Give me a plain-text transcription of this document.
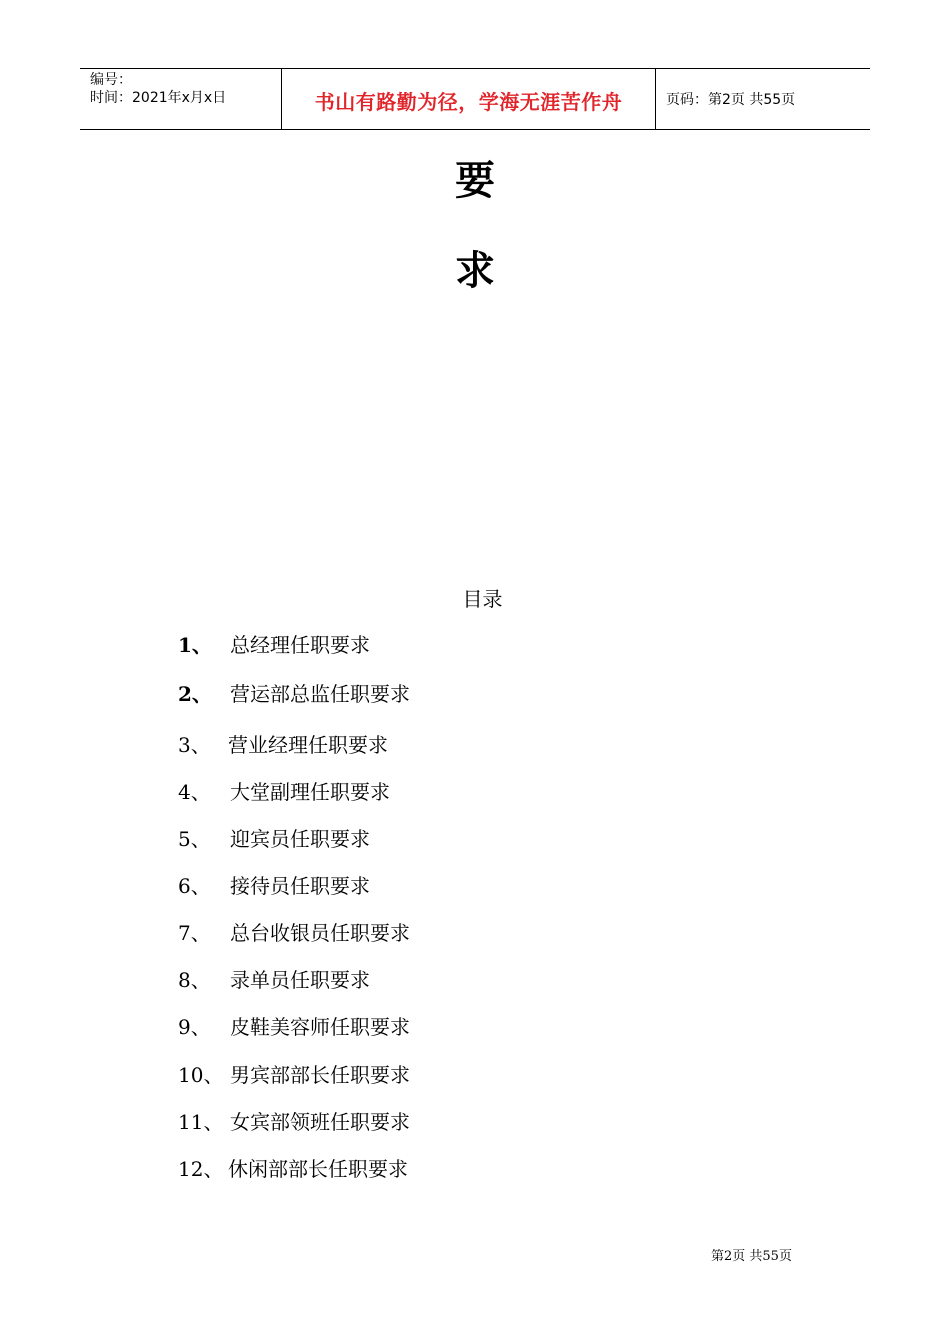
编号：
时间：2021年x月x日	书山有路勤为径，学海无涯苦作舟	页码：第2页 共55页
要
求
目录
1、 总经理任职要求
2、 营运部总监任职要求
3、 营业经理任职要求
4、 大堂副理任职要求
5、 迎宾员任职要求
6、 接待员任职要求
7、 总台收银员任职要求
8、 录单员任职要求
9、 皮鞋美容师任职要求
10、 男宾部部长任职要求
11、 女宾部领班任职要求
12、 休闲部部长任职要求
第2页 共55页
